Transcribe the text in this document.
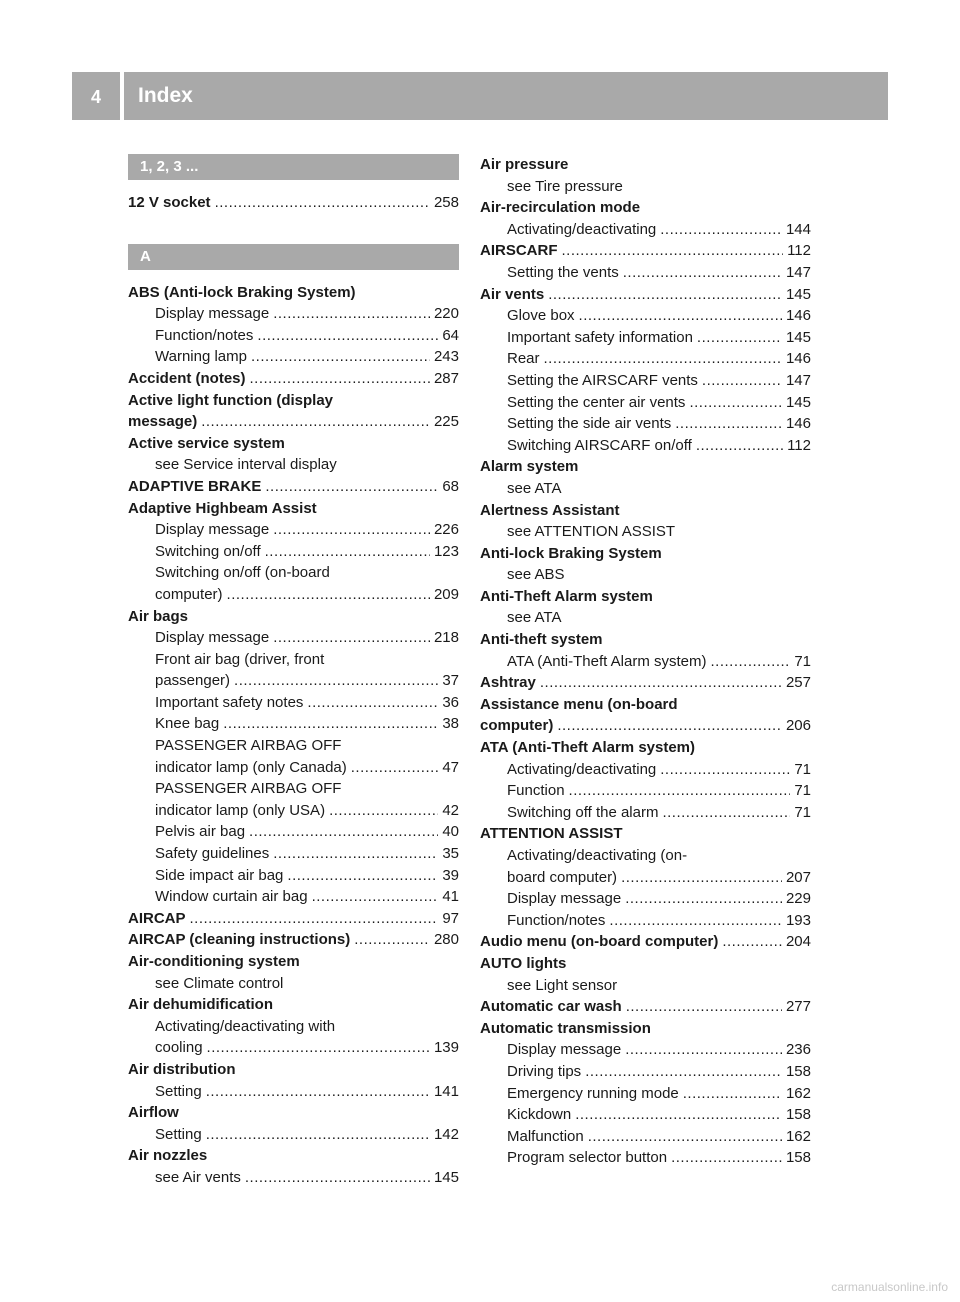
4	Index
1, 2, 3 ...
12 V socket .....	258
A
ABS (Anti-lock Braking System)
Display message .....	220
Function/notes .....	64
Warning lamp .....	243
Accident (notes) .....	287
Active light function (display
message) .....	225
Active service system
see Service interval display
ADAPTIVE BRAKE .....	68
Adaptive Highbeam Assist
Display message .....	226
Switching on/off .....	123
Switching on/off (on-board
computer) .....	209
Air bags
Display message .....	218
Front air bag (driver, front
passenger) .....	37
Important safety notes .....	36
Knee bag .....	38
PASSENGER AIRBAG OFF
indicator lamp (only Canada) .....	47
PASSENGER AIRBAG OFF
indicator lamp (only USA) .....	42
Pelvis air bag .....	40
Safety guidelines .....	35
Side impact air bag .....	39
Window curtain air bag .....	41
AIRCAP .....	97
AIRCAP (cleaning instructions) .....	280
Air-conditioning system
see Climate control
Air dehumidification
Activating/deactivating with
cooling .....	139
Air distribution
Setting .....	141
Airflow
Setting .....	142
Air nozzles
see Air vents .....	145
Air pressure
see Tire pressure
Air-recirculation mode
Activating/deactivating .....	144
AIRSCARF .....	112
Setting the vents .....	147
Air vents .....	145
Glove box .....	146
Important safety information .....	145
Rear .....	146
Setting the AIRSCARF vents .....	147
Setting the center air vents .....	145
Setting the side air vents .....	146
Switching AIRSCARF on/off .....	112
Alarm system
see ATA
Alertness Assistant
see ATTENTION ASSIST
Anti-lock Braking System
see ABS
Anti-Theft Alarm system
see ATA
Anti-theft system
ATA (Anti-Theft Alarm system) .....	71
Ashtray .....	257
Assistance menu (on-board
computer) .....	206
ATA (Anti-Theft Alarm system)
Activating/deactivating .....	71
Function .....	71
Switching off the alarm .....	71
ATTENTION ASSIST
Activating/deactivating (on-
board computer) .....	207
Display message .....	229
Function/notes .....	193
Audio menu (on-board computer) .....	204
AUTO lights
see Light sensor
Automatic car wash .....	277
Automatic transmission
Display message .....	236
Driving tips .....	158
Emergency running mode .....	162
Kickdown .....	158
Malfunction .....	162
Program selector button .....	158
carmanualsonline.info
